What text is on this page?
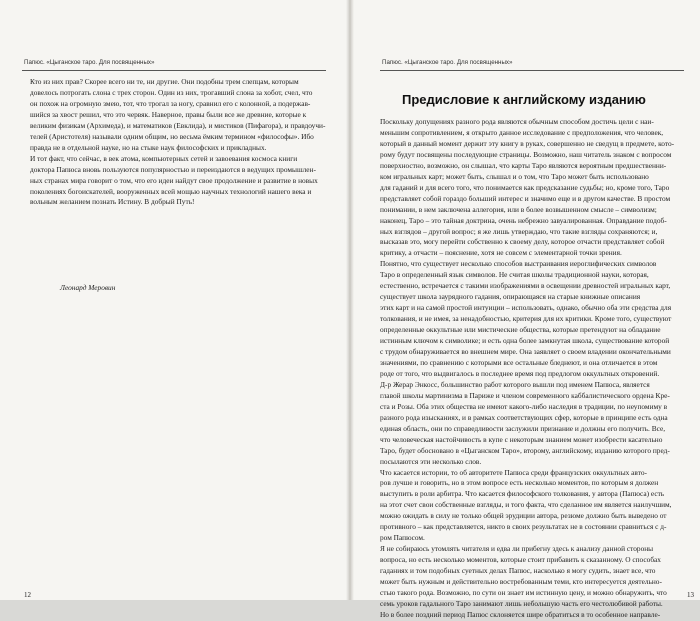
Папюс. «Цыганское таро. Для посвященных»
Кто из них прав? Скорее всего ни те, ни другие. Они подобны трем слепцам, которым
довелось потрогать слона с трех сторон. Один из них, трогавший слона за хобот, счел, что
он похож на огромную змею, тот, что трогал за ногу, сравнил его с колонной, а подержав-
шийся за хвост решил, что это червяк. Наверное, правы были все же древние, которые к
великим физикам (Архимеда), и математиков (Евклида), и мистиков (Пифагора), и правдоучи-
телей (Аристотеля) называли одним общим, но весьма ёмким термином «философы». Ибо
правда не в отдельной науке, но на стыке наук философских и прикладных.
И тот факт, что сейчас, в век атома, компьютерных сетей и завоевания космоса книги
доктора Папюса вновь пользуются популярностью и переиздаются в ведущих промышлен-
ных странах мира говорит о том, что его идеи найдут свое продолжение и развитие в новых
поколениях богоискателей, вооруженных всей мощью научных технологий нашего века и
вольным желанием познать Истину. В добрый Путь!
Леонард Меровин
12
Папюс. «Цыганское таро. Для посвященных»
Предисловие к английскому изданию
Поскольку допущениях разного рода являются обычным способом достичь цели с наи-
меньшим сопротивлением, я открыто данное исследование с предположения, что человек,
который в данный момент держит эту книгу в руках, совершенно не сведущ в предмете, кото-
рому будут посвящены последующие страницы. Возможно, наш читатель знаком с вопросом
поверхностно, возможно, он слышал, что карты Таро являются вероятным предшественни-
ком игральных карт; может быть, слышал и о том, что Таро может быть использовано
для гаданий и для всего того, что понимается как предсказание судьбы; но, кроме того, Таро
представляет собой гораздо больший интерес и значимо еще и в другом качестве. В простом
понимании, в нем заключена аллегория, или в более возвышенном смысле – символизм;
наконец, Таро – это тайная доктрина, очень небрежно завуалированная. Оправдание подоб-
ных взглядов – другой вопрос; я же лишь утверждаю, что такие взгляды сохраняются; и,
высказав это, могу перейти собственно к своему делу, которое отчасти представляет собой
критику, а отчасти – пояснение, хотя не совсем с элементарной точки зрения.
Понятно, что существует несколько способов выстраивания иероглифических символов
Таро в определенный язык символов. Не считая школы традиционной науки, которая,
естественно, встречается с такими изображениями в освещении древностей игральных карт,
существует школа заурядного гадания, опирающаяся на старые книжные описания
этих карт и на самой простой интуиции – использовать, однако, обычно оба эти средства для
толкования, и не имея, за ненадобностью, критерия для их критики. Кроме того, существуют
определенные оккультные или мистические общества, которые претендуют на обладание
истинным ключом к символике; и есть одна более замкнутая школа, существование которой
с трудом обнаруживается во внешнем мире. Она заявляет о своем владении окончательными
значениями, по сравнению с которыми все остальные бледнеют, и она отличается в этом
роде от того, что выдвигалось в последнее время под предлогом оккультных откровений.
Д-р Жерар Энкосс, большинство работ которого вышли под именем Папюса, является
главой школы мартинизма в Париже и членом современного каббалистического ордена Кре-
ста и Розы. Оба этих общества не имеют какого-либо наследия в традиции, по неупомиму в
разного рода изысканиях, и в рамках соответствующих сфер, которые в принципе есть одна
единая область, они по справедливости заслужили признание и должны его получить. Все,
что человеческая настойчивость в купе с некоторым знанием может изобрести касательно
Таро, будет обосновано в «Цыганском Таро», второму, английскому, изданию которого пред-
посылаются эти несколько слов.
Что касается истории, то об авторитете Папюса среди французских оккультных авто-
ров лучше и говорить, но в этом вопросе есть несколько моментов, по которым я должен
выступить в роли арбитра. Что касается философского толкования, у автора (Папюса) есть
на этот счет свои собственные взгляды, и того факта, что сделанное им является наилучшим,
можно ожидать в силу не только общей эрудиции автора, резюме должно быть выведено от
противного – как представляется, никто в своих результатах не в состоянии сравниться с д-
ром Папюсом.
Я не собираюсь утомлять читателя и едва ли прибегну здесь к анализу данной стороны
вопроса, но есть несколько моментов, которые стоит прибавить к сказанному. О способах
гаданиях и том подобных суетных делах Папюс, насколько я могу судить, знает все, что
может быть нужным и действительно востребованным теми, кто интересуется деятельно-
стью такого рода. Возможно, по сути он знает им истинную цену, и можно обнаружить, что
семь уроков гадального Таро занимают лишь небольшую часть его честолюбивой работы.
Но в более поздний период Папюс склоняется шире обратиться в то особенное направле-
13
